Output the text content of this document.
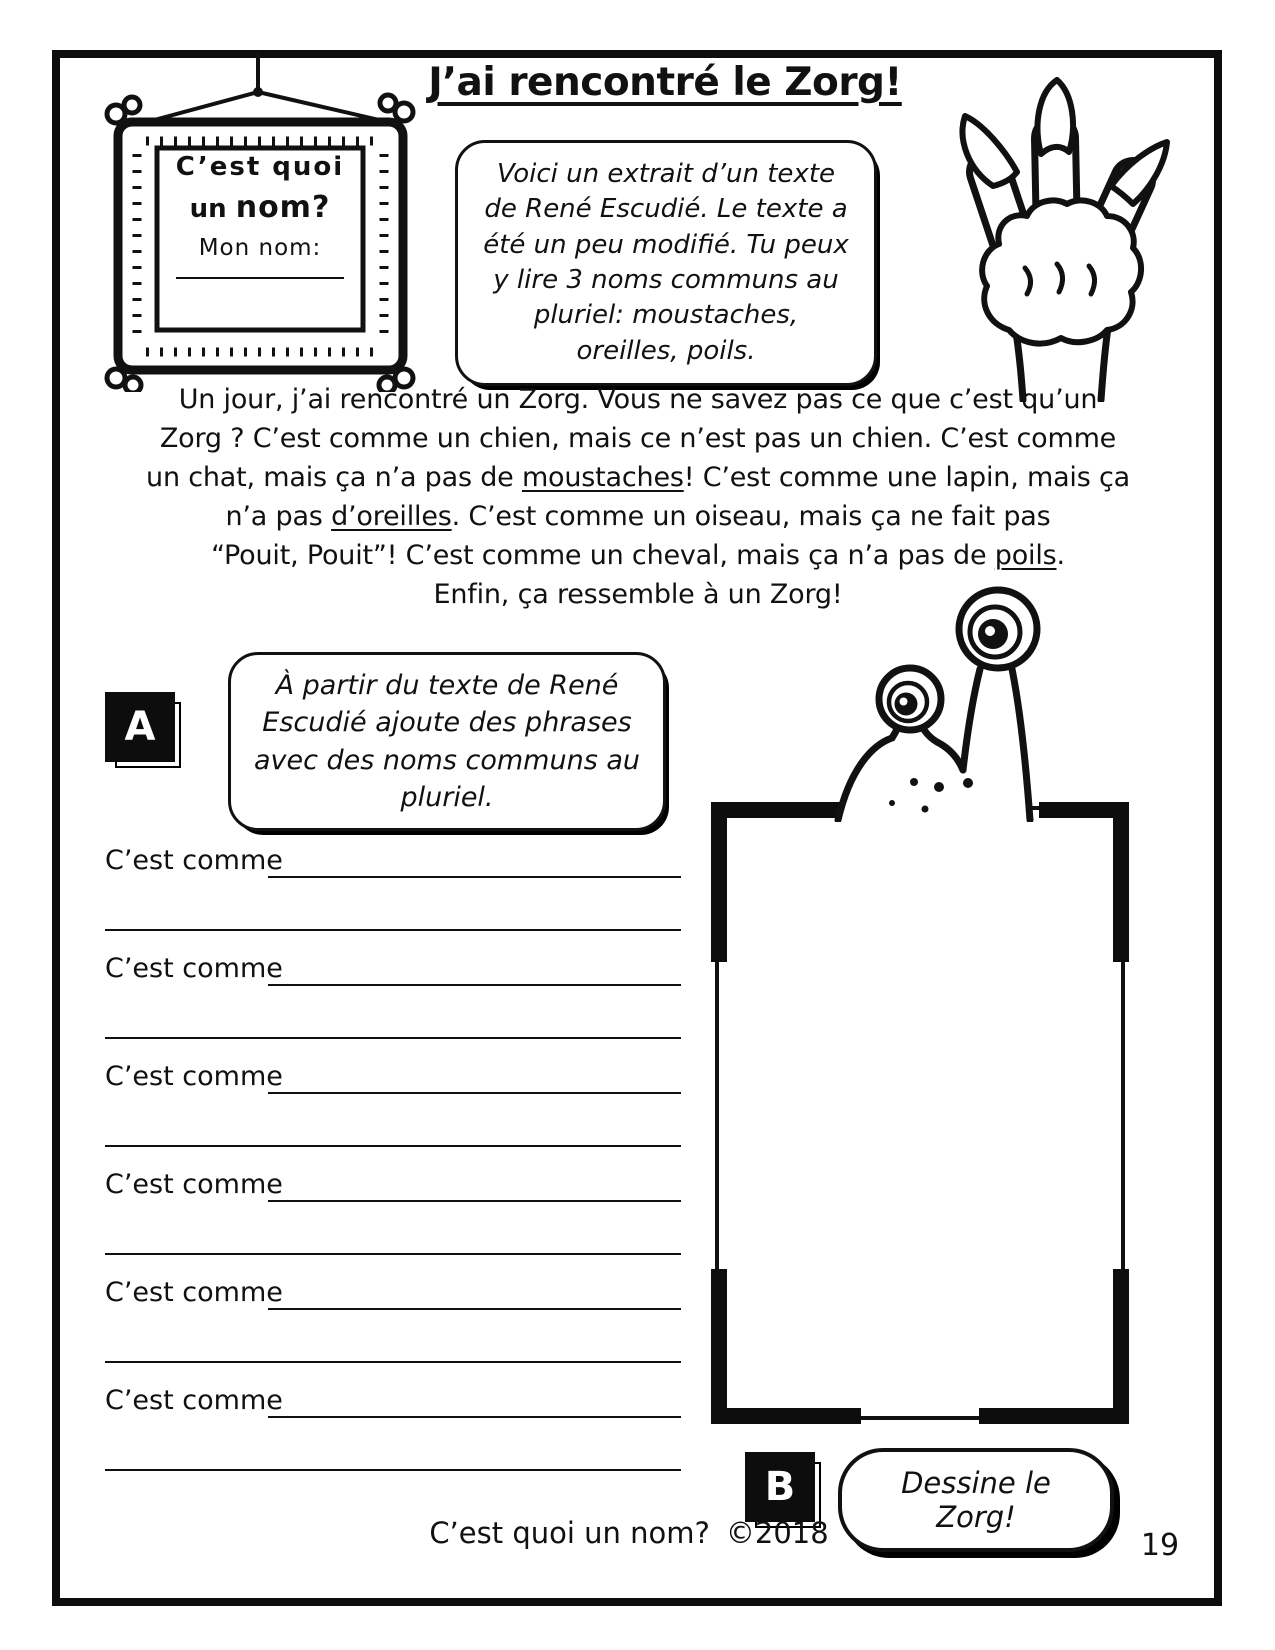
C’est quoi
un nom?
Mon nom:
J’ai rencontré le Zorg!
Voici un extrait d’un texte de René Escudié. Le texte a été un peu modifié. Tu peux y lire 3 noms communs au pluriel: moustaches, oreilles, poils.
Un jour, j’ai rencontré un Zorg. Vous ne savez pas ce que c’est qu’un
Zorg ? C’est comme un chien, mais ce n’est pas un chien. C’est comme
un chat, mais ça n’a pas de moustaches! C’est comme une lapin, mais ça
n’a pas d’oreilles. C’est comme un oiseau, mais ça ne fait pas
“Pouit, Pouit”! C’est comme un cheval, mais ça n’a pas de poils.
Enfin, ça ressemble à un Zorg!
A
À partir du texte de René Escudié ajoute des phrases avec des noms communs au pluriel.
C’est comme
C’est comme
C’est comme
C’est comme
C’est comme
C’est comme
B	Dessine le Zorg!
C’est quoi un nom? ©2018	19
